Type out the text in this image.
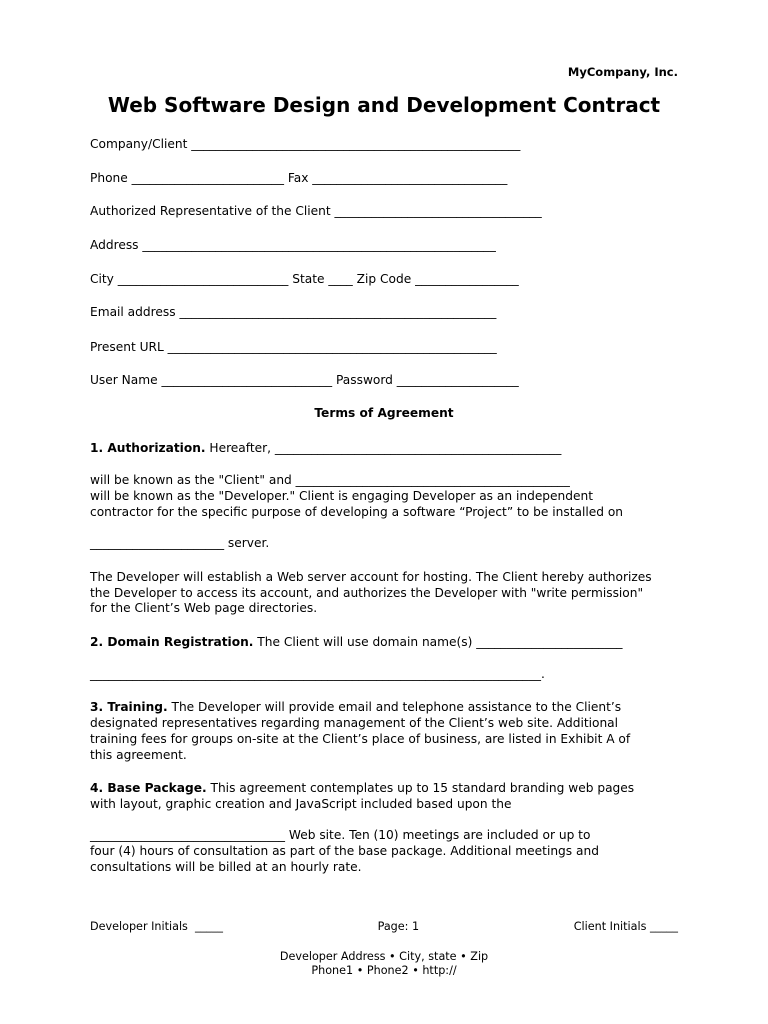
MyCompany, Inc.
Web Software Design and Development Contract

Company/Client ______________________________________________________

Phone _________________________ Fax ________________________________

Authorized Representative of the Client __________________________________

Address __________________________________________________________

City ____________________________ State ____ Zip Code _________________

Email address ____________________________________________________

Present URL ______________________________________________________

User Name ____________________________ Password ____________________

Terms of Agreement

1. Authorization. Hereafter, _______________________________________________

will be known as the "Client" and _____________________________________________

will be known as the "Developer." Client is engaging Developer as an independent

contractor for the specific purpose of developing a software “Project” to be installed on

______________________ server.

The Developer will establish a Web server account for hosting. The Client hereby authorizes

the Developer to access its account, and authorizes the Developer with "write permission"

for the Client’s Web page directories.

2. Domain Registration. The Client will use domain name(s) ________________________

__________________________________________________________________________.

3. Training. The Developer will provide email and telephone assistance to the Client’s

designated representatives regarding management of the Client’s web site. Additional

training fees for groups on-site at the Client’s place of business, are listed in Exhibit A of

this agreement.

4. Base Package. This agreement contemplates up to 15 standard branding web pages

with layout, graphic creation and JavaScript included based upon the

________________________________ Web site. Ten (10) meetings are included or up to

four (4) hours of consultation as part of the base package. Additional meetings and

consultations will be billed at an hourly rate.

Developer Initials  _____	Page: 1	Client Initials _____
Developer Address • City, state • Zip
Phone1 • Phone2 • http://
